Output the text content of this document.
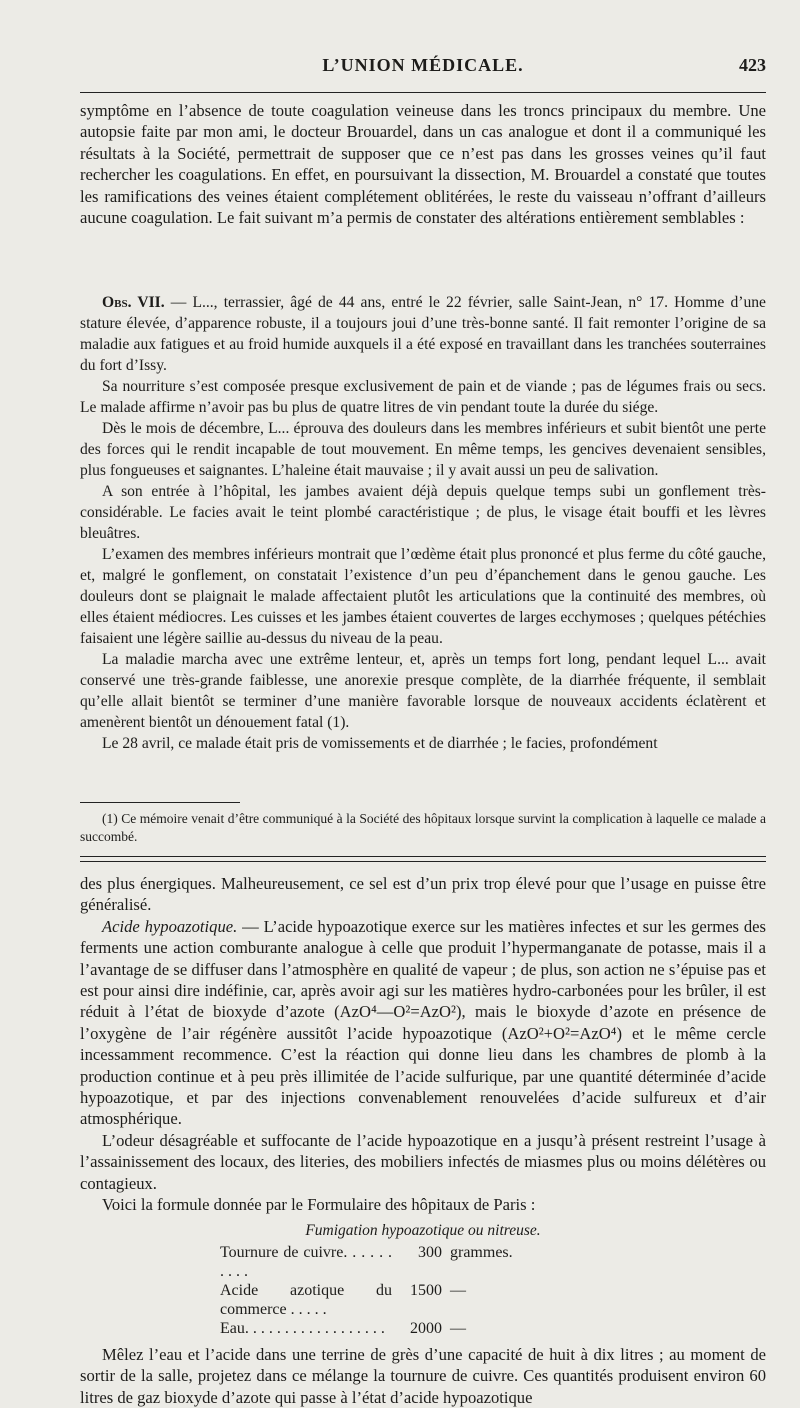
L’UNION MÉDICALE.	423

symptôme en l’absence de toute coagulation veineuse dans les troncs principaux du membre. Une autopsie faite par mon ami, le docteur Brouardel, dans un cas analogue et dont il a communiqué les résultats à la Société, permettrait de supposer que ce n’est pas dans les grosses veines qu’il faut rechercher les coagulations. En effet, en poursuivant la dissection, M. Brouardel a constaté que toutes les ramifications des veines étaient complétement oblitérées, le reste du vaisseau n’offrant d’ailleurs aucune coagulation. Le fait suivant m’a permis de constater des altérations entièrement semblables :

Obs. VII. — L..., terrassier, âgé de 44 ans, entré le 22 février, salle Saint-Jean, n° 17. Homme d’une stature élevée, d’apparence robuste, il a toujours joui d’une très-bonne santé. Il fait remonter l’origine de sa maladie aux fatigues et au froid humide auxquels il a été exposé en travaillant dans les tranchées souterraines du fort d’Issy.

Sa nourriture s’est composée presque exclusivement de pain et de viande ; pas de légumes frais ou secs. Le malade affirme n’avoir pas bu plus de quatre litres de vin pendant toute la durée du siége.

Dès le mois de décembre, L... éprouva des douleurs dans les membres inférieurs et subit bientôt une perte des forces qui le rendit incapable de tout mouvement. En même temps, les gencives devenaient sensibles, plus fongueuses et saignantes. L’haleine était mauvaise ; il y avait aussi un peu de salivation.

A son entrée à l’hôpital, les jambes avaient déjà depuis quelque temps subi un gonflement très-considérable. Le facies avait le teint plombé caractéristique ; de plus, le visage était bouffi et les lèvres bleuâtres.

L’examen des membres inférieurs montrait que l’œdème était plus prononcé et plus ferme du côté gauche, et, malgré le gonflement, on constatait l’existence d’un peu d’épanchement dans le genou gauche. Les douleurs dont se plaignait le malade affectaient plutôt les articulations que la continuité des membres, où elles étaient médiocres. Les cuisses et les jambes étaient couvertes de larges ecchymoses ; quelques pétéchies faisaient une légère saillie au-dessus du niveau de la peau.

La maladie marcha avec une extrême lenteur, et, après un temps fort long, pendant lequel L... avait conservé une très-grande faiblesse, une anorexie presque complète, de la diarrhée fréquente, il semblait qu’elle allait bientôt se terminer d’une manière favorable lorsque de nouveaux accidents éclatèrent et amenèrent bientôt un dénouement fatal (1).

Le 28 avril, ce malade était pris de vomissements et de diarrhée ; le facies, profondément

(1) Ce mémoire venait d’être communiqué à la Société des hôpitaux lorsque survint la complication à laquelle ce malade a succombé.

des plus énergiques. Malheureusement, ce sel est d’un prix trop élevé pour que l’usage en puisse être généralisé.

Acide hypoazotique. — L’acide hypoazotique exerce sur les matières infectes et sur les germes des ferments une action comburante analogue à celle que produit l’hypermanganate de potasse, mais il a l’avantage de se diffuser dans l’atmosphère en qualité de vapeur ; de plus, son action ne s’épuise pas et est pour ainsi dire indéfinie, car, après avoir agi sur les matières hydro-carbonées pour les brûler, il est réduit à l’état de bioxyde d’azote (AzO⁴—O²=AzO²), mais le bioxyde d’azote en présence de l’oxygène de l’air régénère aussitôt l’acide hypoazotique (AzO²+O²=AzO⁴) et le même cercle incessamment recommence. C’est la réaction qui donne lieu dans les chambres de plomb à la production continue et à peu près illimitée de l’acide sulfurique, par une quantité déterminée d’acide hypoazotique, et par des injections convenablement renouvelées d’acide sulfureux et d’air atmosphérique.

L’odeur désagréable et suffocante de l’acide hypoazotique en a jusqu’à présent restreint l’usage à l’assainissement des locaux, des literies, des mobiliers infectés de miasmes plus ou moins délétères ou contagieux.

Voici la formule donnée par le Formulaire des hôpitaux de Paris :

Fumigation hypoazotique ou nitreuse.
Tournure de cuivre. . . . . . . . . .
300 grammes.
Acide azotique du commerce . . . . .
1500 —
Eau. . . . . . . . . . . . . . . . . .	2000 —

Mêlez l’eau et l’acide dans une terrine de grès d’une capacité de huit à dix litres ; au moment de sortir de la salle, projetez dans ce mélange la tournure de cuivre. Ces quantités produisent environ 60 litres de gaz bioxyde d’azote qui passe à l’état d’acide hypoazotique
